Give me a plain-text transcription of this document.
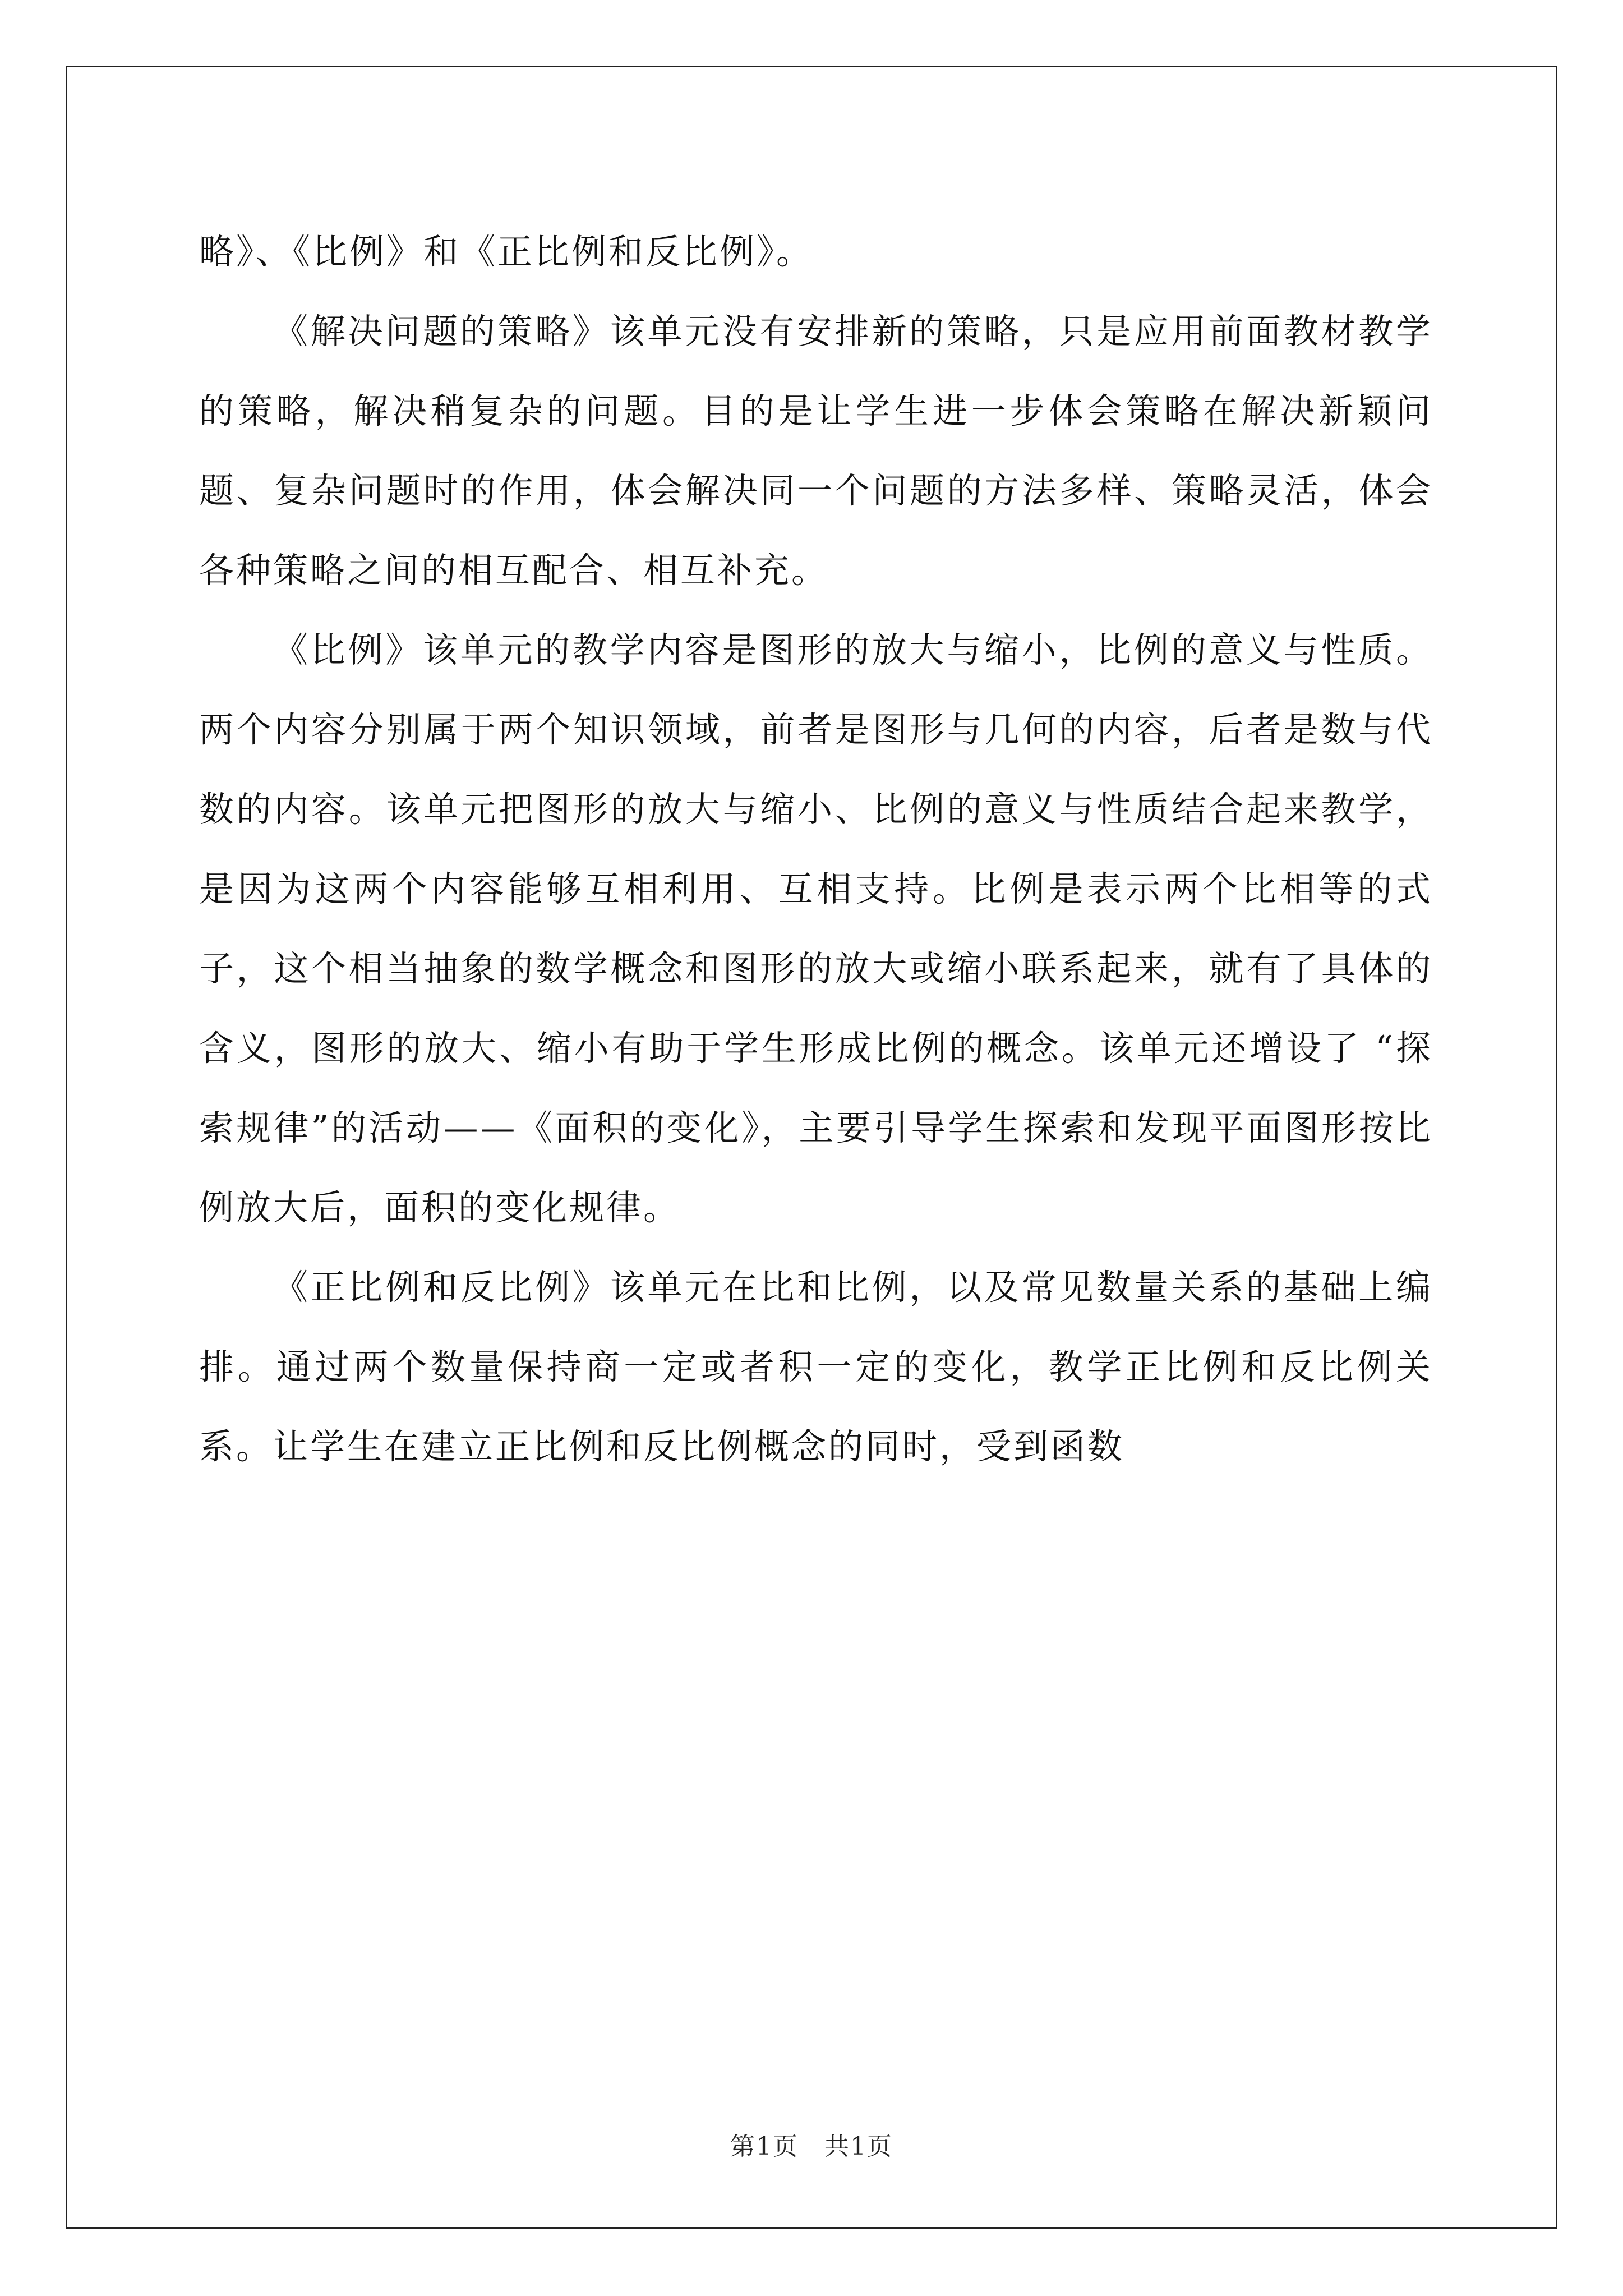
略》、《比例》和《正比例和反比例》。

《解决问题的策略》该单元没有安排新的策略，只是应用前面教材教学的策略，解决稍复杂的问题。目的是让学生进一步体会策略在解决新颖问题、复杂问题时的作用，体会解决同一个问题的方法多样、策略灵活，体会各种策略之间的相互配合、相互补充。

《比例》该单元的教学内容是图形的放大与缩小，比例的意义与性质。两个内容分别属于两个知识领域，前者是图形与几何的内容，后者是数与代数的内容。该单元把图形的放大与缩小、比例的意义与性质结合起来教学，是因为这两个内容能够互相利用、互相支持。比例是表示两个比相等的式子，这个相当抽象的数学概念和图形的放大或缩小联系起来，就有了具体的含义，图形的放大、缩小有助于学生形成比例的概念。该单元还增设了 “探索规律”的活动——《面积的变化》，主要引导学生探索和发现平面图形按比例放大后，面积的变化规律。

《正比例和反比例》该单元在比和比例，以及常见数量关系的基础上编排。通过两个数量保持商一定或者积一定的变化，教学正比例和反比例关系。让学生在建立正比例和反比例概念的同时，受到函数

第1页　共1页
